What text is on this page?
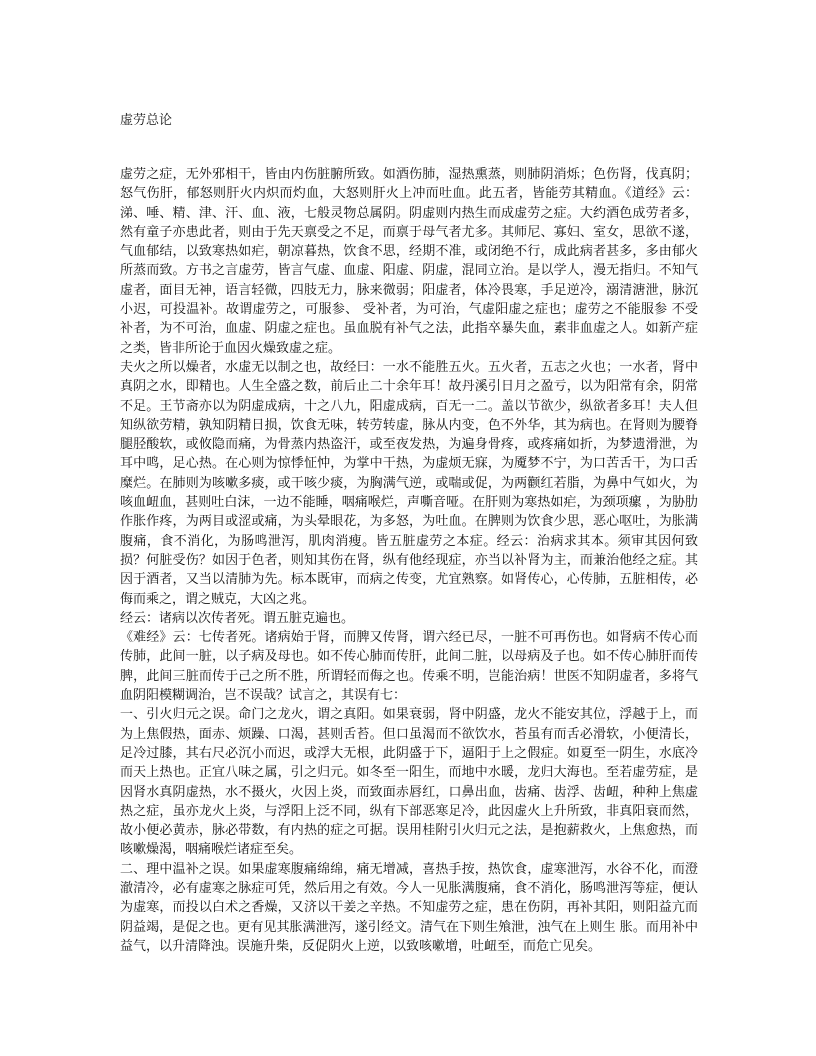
虚劳总论

虚劳之症，无外邪相干，皆由内伤脏腑所致。如酒伤肺，湿热熏蒸，则肺阴消烁；色伤肾，伐真阴；怒气伤肝，郁怒则肝火内炽而灼血，大怒则肝火上冲而吐血。此五者，皆能劳其精血。《道经》云：涕、唾、精、津、汗、血、液，七般灵物总属阴。阴虚则内热生而成虚劳之症。大约酒色成劳者多，然有童子亦患此者，则由于先天禀受之不足，而禀于母气者尤多。其师尼、寡妇、室女，思欲不遂，气血郁结，以致寒热如疟，朝凉暮热，饮食不思，经期不准，或闭绝不行，成此病者甚多，多由郁火所蒸而致。方书之言虚劳，皆言气虚、血虚、阳虚、阴虚，混同立治。是以学人，漫无指归。不知气虚者，面目无神，语言轻微，四肢无力，脉来微弱；阳虚者，体冷畏寒，手足逆冷，溺清溏泄，脉沉小迟，可投温补。故谓虚劳之，可服参、 受补者，为可治，气虚阳虚之症也；虚劳之不能服参 不受补者，为不可治，血虚、阴虚之症也。虽血脱有补气之法，此指卒暴失血，素非血虚之人。如新产症之类，皆非所论于血因火燥致虚之症。

夫火之所以燥者，水虚无以制之也，故经曰：一水不能胜五火。五火者，五志之火也；一水者，肾中真阴之水，即精也。人生全盛之数，前后止二十余年耳！故丹溪引日月之盈亏，以为阳常有余，阴常不足。王节斋亦以为阴虚成病，十之八九，阳虚成病，百无一二。盖以节欲少，纵欲者多耳！夫人但知纵欲劳精，孰知阴精日损，饮食无味，转劳转虚，脉从内变，色不外华，其为病也。在肾则为腰脊腿胫酸软，或攸隐而痛，为骨蒸内热盗汗，或至夜发热，为遍身骨疼，或疼痛如折，为梦遗滑泄，为耳中鸣，足心热。在心则为惊悸怔忡，为掌中干热，为虚烦无寐，为魇梦不宁，为口苦舌干，为口舌糜烂。在肺则为咳嗽多痰，或干咳少痰，为胸满气逆，或喘或促，为两颧红若脂，为鼻中气如火，为咳血衄血，甚则吐白沫，一边不能睡，咽痛喉烂，声嘶音哑。在肝则为寒热如疟，为颈项瘰 ，为胁肋作胀作疼，为两目或涩或痛，为头晕眼花，为多怒，为吐血。在脾则为饮食少思，恶心呕吐，为胀满腹痛，食不消化，为肠鸣泄泻，肌肉消瘦。皆五脏虚劳之本症。经云：治病求其本。须审其因何致损？何脏受伤？如因于色者，则知其伤在肾，纵有他经现症，亦当以补肾为主，而兼治他经之症。其因于酒者，又当以清肺为先。标本既审，而病之传变，尤宜熟察。如肾传心，心传肺，五脏相传，必侮而乘之，谓之贼克，大凶之兆。

经云：诸病以次传者死。谓五脏克遍也。

《难经》云：七传者死。诸病始于肾，而脾又传肾，谓六经已尽，一脏不可再伤也。如肾病不传心而传肺，此间一脏，以子病及母也。如不传心肺而传肝，此间二脏，以母病及子也。如不传心肺肝而传脾，此间三脏而传于己之所不胜，所谓轻而侮之也。传乘不明，岂能治病！世医不知阴虚者，多将气血阴阳模糊调治，岂不误哉？试言之，其误有七：

一、引火归元之误。命门之龙火，谓之真阳。如果衰弱，肾中阴盛，龙火不能安其位，浮越于上，而为上焦假热，面赤、烦躁、口渴，甚则舌苔。但口虽渴而不欲饮水，苔虽有而舌必滑软，小便清长，足冷过膝，其右尺必沉小而迟，或浮大无根，此阴盛于下，逼阳于上之假症。如夏至一阴生，水底冷而天上热也。正宜八味之属，引之归元。如冬至一阳生，而地中水暖，龙归大海也。至若虚劳症，是因肾水真阴虚热，水不摄火，火因上炎，而致面赤唇红，口鼻出血，齿痛、齿浮、齿衄，种种上焦虚热之症，虽亦龙火上炎，与浮阳上泛不同，纵有下部恶寒足冷，此因虚火上升所致，非真阳衰而然，故小便必黄赤，脉必带数，有内热的症之可据。误用桂附引火归元之法，是抱薪救火，上焦愈热，而咳嗽燥渴，咽痛喉烂诸症至矣。

二、理中温补之误。如果虚寒腹痛绵绵，痛无增减，喜热手按，热饮食，虚寒泄泻，水谷不化，而澄澈清冷，必有虚寒之脉症可凭，然后用之有效。今人一见胀满腹痛，食不消化，肠鸣泄泻等症，便认为虚寒，而投以白术之香燥，又济以干姜之辛热。不知虚劳之症，患在伤阴，再补其阳，则阳益亢而阴益竭，是促之也。更有见其胀满泄泻，遂引经文。清气在下则生飧泄，浊气在上则生 胀。而用补中益气，以升清降浊。误施升柴，反促阴火上逆，以致咳嗽增，吐衄至，而危亡见矣。
